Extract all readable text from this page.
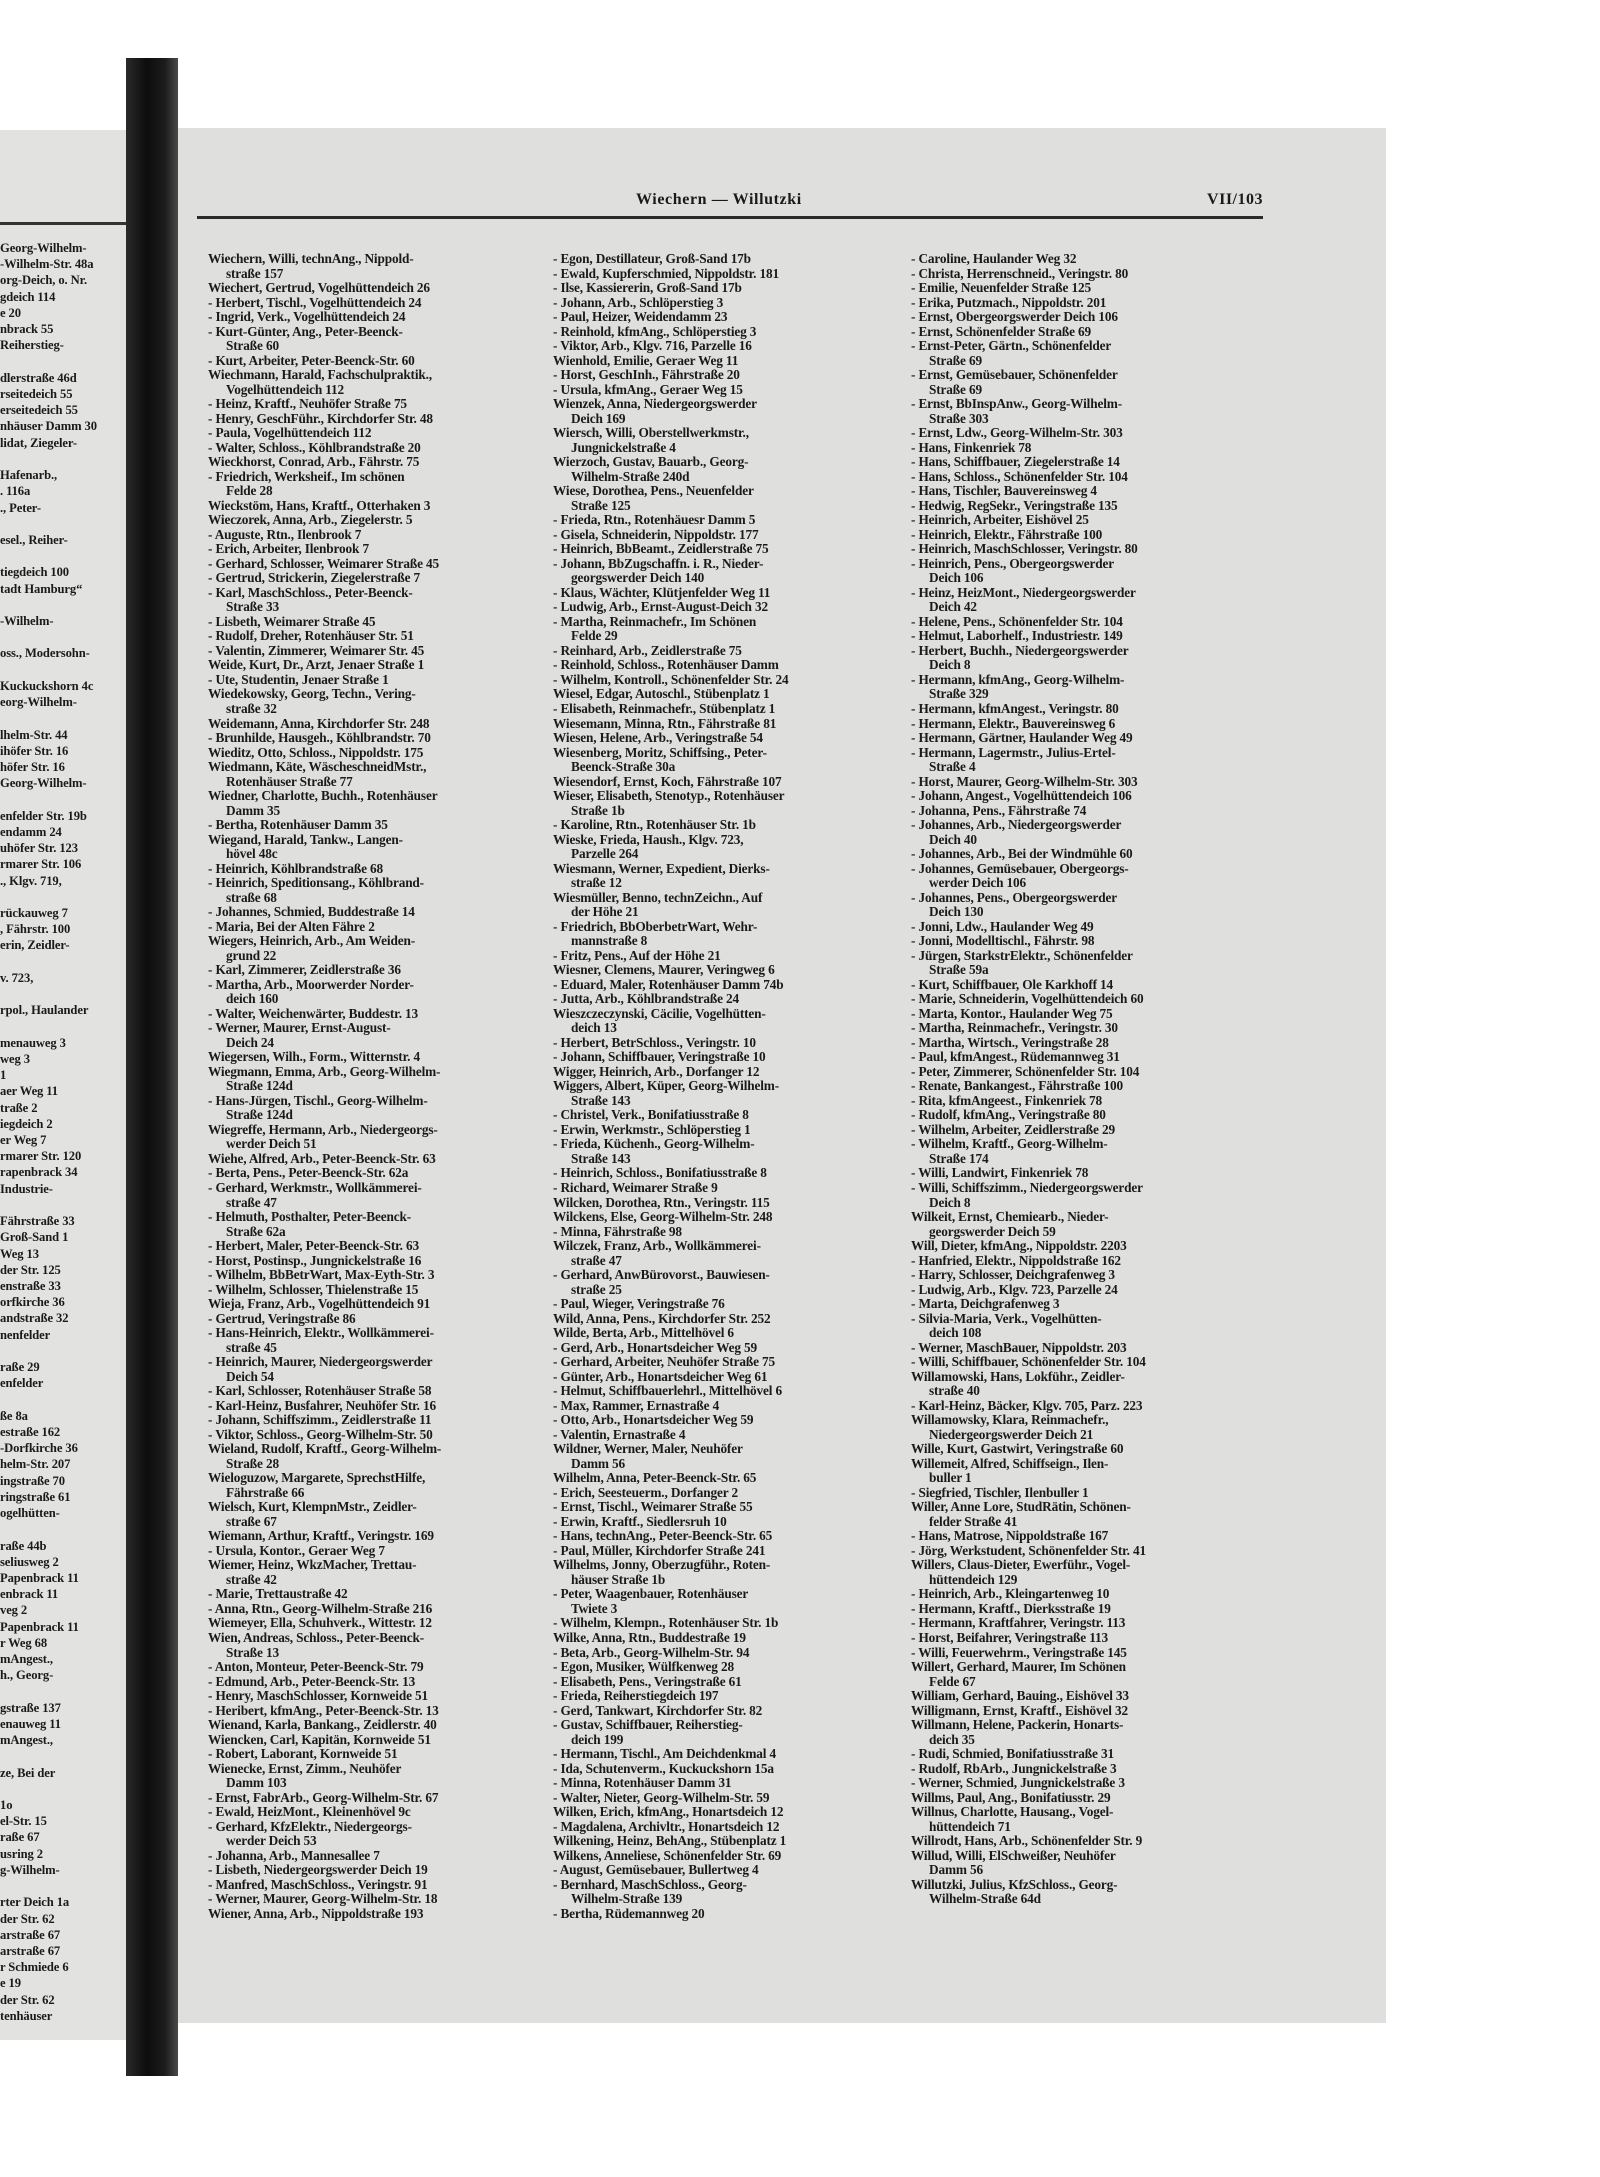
Georg-Wilhelm-
-Wilhelm-Str. 48a
org-Deich, o. Nr.
gdeich 114
e 20
nbrack 55
Reiherstieg-

dlerstraße 46d
rseitedeich 55
erseitedeich 55
nhäuser Damm 30
lidat, Ziegeler-

Hafenarb.,
. 116a
., Peter-

esel., Reiher-

tiegdeich 100
tadt Hamburg“

-Wilhelm-

oss., Modersohn-

Kuckuckshorn 4c
eorg-Wilhelm-

lhelm-Str. 44
ihöfer Str. 16
höfer Str. 16
Georg-Wilhelm-

enfelder Str. 19b
endamm 24
uhöfer Str. 123
rmarer Str. 106
., Klgv. 719,

rückauweg 7
, Fährstr. 100
erin, Zeidler-

v. 723,

rpol., Haulander

menauweg 3
weg 3
1
aer Weg 11
traße 2
iegdeich 2
er Weg 7
rmarer Str. 120
rapenbrack 34
Industrie-

Fährstraße 33
Groß-Sand 1
Weg 13
der Str. 125
enstraße 33
orfkirche 36
andstraße 32
nenfelder

raße 29
enfelder

ße 8a
estraße 162
-Dorfkirche 36
helm-Str. 207
ingstraße 70
ringstraße 61
ogelhütten-

raße 44b
seliusweg 2
Papenbrack 11
enbrack 11
veg 2
Papenbrack 11
r Weg 68
mAngest.,
h., Georg-

gstraße 137
enauweg 11
mAngest.,

ze, Bei der

1o
el-Str. 15
raße 67
usring 2
g-Wilhelm-

rter Deich 1a
der Str. 62
arstraße 67
arstraße 67
r Schmiede 6
e 19
der Str. 62
tenhäuser
Wiechern — Willutzki	VII/103
Wiechern, Willi, technAng., Nippold-
straße 157
Wiechert, Gertrud, Vogelhüttendeich 26
- Herbert, Tischl., Vogelhüttendeich 24
- Ingrid, Verk., Vogelhüttendeich 24
- Kurt-Günter, Ang., Peter-Beenck-
Straße 60
- Kurt, Arbeiter, Peter-Beenck-Str. 60
Wiechmann, Harald, Fachschulpraktik.,
Vogelhüttendeich 112
- Heinz, Kraftf., Neuhöfer Straße 75
- Henry, GeschFühr., Kirchdorfer Str. 48
- Paula, Vogelhüttendeich 112
- Walter, Schloss., Köhlbrandstraße 20
Wieckhorst, Conrad, Arb., Fährstr. 75
- Friedrich, Werksheif., Im schönen
Felde 28
Wieckstöm, Hans, Kraftf., Otterhaken 3
Wieczorek, Anna, Arb., Ziegelerstr. 5
- Auguste, Rtn., Ilenbrook 7
- Erich, Arbeiter, Ilenbrook 7
- Gerhard, Schlosser, Weimarer Straße 45
- Gertrud, Strickerin, Ziegelerstraße 7
- Karl, MaschSchloss., Peter-Beenck-
Straße 33
- Lisbeth, Weimarer Straße 45
- Rudolf, Dreher, Rotenhäuser Str. 51
- Valentin, Zimmerer, Weimarer Str. 45
Weide, Kurt, Dr., Arzt, Jenaer Straße 1
- Ute, Studentin, Jenaer Straße 1
Wiedekowsky, Georg, Techn., Vering-
straße 32
Weidemann, Anna, Kirchdorfer Str. 248
- Brunhilde, Hausgeh., Köhlbrandstr. 70
Wieditz, Otto, Schloss., Nippoldstr. 175
Wiedmann, Käte, WäscheschneidMstr.,
Rotenhäuser Straße 77
Wiedner, Charlotte, Buchh., Rotenhäuser
Damm 35
- Bertha, Rotenhäuser Damm 35
Wiegand, Harald, Tankw., Langen-
hövel 48c
- Heinrich, Köhlbrandstraße 68
- Heinrich, Speditionsang., Köhlbrand-
straße 68
- Johannes, Schmied, Buddestraße 14
- Maria, Bei der Alten Fähre 2
Wiegers, Heinrich, Arb., Am Weiden-
grund 22
- Karl, Zimmerer, Zeidlerstraße 36
- Martha, Arb., Moorwerder Norder-
deich 160
- Walter, Weichenwärter, Buddestr. 13
- Werner, Maurer, Ernst-August-
Deich 24
Wiegersen, Wilh., Form., Witternstr. 4
Wiegmann, Emma, Arb., Georg-Wilhelm-
Straße 124d
- Hans-Jürgen, Tischl., Georg-Wilhelm-
Straße 124d
Wiegreffe, Hermann, Arb., Niedergeorgs-
werder Deich 51
Wiehe, Alfred, Arb., Peter-Beenck-Str. 63
- Berta, Pens., Peter-Beenck-Str. 62a
- Gerhard, Werkmstr., Wollkämmerei-
straße 47
- Helmuth, Posthalter, Peter-Beenck-
Straße 62a
- Herbert, Maler, Peter-Beenck-Str. 63
- Horst, Postinsp., Jungnickelstraße 16
- Wilhelm, BbBetrWart, Max-Eyth-Str. 3
- Wilhelm, Schlosser, Thielenstraße 15
Wieja, Franz, Arb., Vogelhüttendeich 91
- Gertrud, Veringstraße 86
- Hans-Heinrich, Elektr., Wollkämmerei-
straße 45
- Heinrich, Maurer, Niedergeorgswerder
Deich 54
- Karl, Schlosser, Rotenhäuser Straße 58
- Karl-Heinz, Busfahrer, Neuhöfer Str. 16
- Johann, Schiffszimm., Zeidlerstraße 11
- Viktor, Schloss., Georg-Wilhelm-Str. 50
Wieland, Rudolf, Kraftf., Georg-Wilhelm-
Straße 28
Wieloguzow, Margarete, SprechstHilfe,
Fährstraße 66
Wielsch, Kurt, KlempnMstr., Zeidler-
straße 67
Wiemann, Arthur, Kraftf., Veringstr. 169
- Ursula, Kontor., Geraer Weg 7
Wiemer, Heinz, WkzMacher, Trettau-
straße 42
- Marie, Trettaustraße 42
- Anna, Rtn., Georg-Wilhelm-Straße 216
Wiemeyer, Ella, Schuhverk., Wittestr. 12
Wien, Andreas, Schloss., Peter-Beenck-
Straße 13
- Anton, Monteur, Peter-Beenck-Str. 79
- Edmund, Arb., Peter-Beenck-Str. 13
- Henry, MaschSchlosser, Kornweide 51
- Heribert, kfmAng., Peter-Beenck-Str. 13
Wienand, Karla, Bankang., Zeidlerstr. 40
Wiencken, Carl, Kapitän, Kornweide 51
- Robert, Laborant, Kornweide 51
Wienecke, Ernst, Zimm., Neuhöfer
Damm 103
- Ernst, FabrArb., Georg-Wilhelm-Str. 67
- Ewald, HeizMont., Kleinenhövel 9c
- Gerhard, KfzElektr., Niedergeorgs-
werder Deich 53
- Johanna, Arb., Mannesallee 7
- Lisbeth, Niedergeorgswerder Deich 19
- Manfred, MaschSchloss., Veringstr. 91
- Werner, Maurer, Georg-Wilhelm-Str. 18
Wiener, Anna, Arb., Nippoldstraße 193
- Egon, Destillateur, Groß-Sand 17b
- Ewald, Kupferschmied, Nippoldstr. 181
- Ilse, Kassiererin, Groß-Sand 17b
- Johann, Arb., Schlöperstieg 3
- Paul, Heizer, Weidendamm 23
- Reinhold, kfmAng., Schlöperstieg 3
- Viktor, Arb., Klgv. 716, Parzelle 16
Wienhold, Emilie, Geraer Weg 11
- Horst, GeschInh., Fährstraße 20
- Ursula, kfmAng., Geraer Weg 15
Wienzek, Anna, Niedergeorgswerder
Deich 169
Wiersch, Willi, Oberstellwerkmstr.,
Jungnickelstraße 4
Wierzoch, Gustav, Bauarb., Georg-
Wilhelm-Straße 240d
Wiese, Dorothea, Pens., Neuenfelder
Straße 125
- Frieda, Rtn., Rotenhäuesr Damm 5
- Gisela, Schneiderin, Nippoldstr. 177
- Heinrich, BbBeamt., Zeidlerstraße 75
- Johann, BbZugschaffn. i. R., Nieder-
georgswerder Deich 140
- Klaus, Wächter, Klütjenfelder Weg 11
- Ludwig, Arb., Ernst-August-Deich 32
- Martha, Reinmachefr., Im Schönen
Felde 29
- Reinhard, Arb., Zeidlerstraße 75
- Reinhold, Schloss., Rotenhäuser Damm
- Wilhelm, Kontroll., Schönenfelder Str. 24
Wiesel, Edgar, Autoschl., Stübenplatz 1
- Elisabeth, Reinmachefr., Stübenplatz 1
Wiesemann, Minna, Rtn., Fährstraße 81
Wiesen, Helene, Arb., Veringstraße 54
Wiesenberg, Moritz, Schiffsing., Peter-
Beenck-Straße 30a
Wiesendorf, Ernst, Koch, Fährstraße 107
Wieser, Elisabeth, Stenotyp., Rotenhäuser
Straße 1b
- Karoline, Rtn., Rotenhäuser Str. 1b
Wieske, Frieda, Haush., Klgv. 723,
Parzelle 264
Wiesmann, Werner, Expedient, Dierks-
straße 12
Wiesmüller, Benno, technZeichn., Auf
der Höhe 21
- Friedrich, BbOberbetrWart, Wehr-
mannstraße 8
- Fritz, Pens., Auf der Höhe 21
Wiesner, Clemens, Maurer, Veringweg 6
- Eduard, Maler, Rotenhäuser Damm 74b
- Jutta, Arb., Köhlbrandstraße 24
Wieszczeczynski, Cäcilie, Vogelhütten-
deich 13
- Herbert, BetrSchloss., Veringstr. 10
- Johann, Schiffbauer, Veringstraße 10
Wigger, Heinrich, Arb., Dorfanger 12
Wiggers, Albert, Küper, Georg-Wilhelm-
Straße 143
- Christel, Verk., Bonifatiusstraße 8
- Erwin, Werkmstr., Schlöperstieg 1
- Frieda, Küchenh., Georg-Wilhelm-
Straße 143
- Heinrich, Schloss., Bonifatiusstraße 8
- Richard, Weimarer Straße 9
Wilcken, Dorothea, Rtn., Veringstr. 115
Wilckens, Else, Georg-Wilhelm-Str. 248
- Minna, Fährstraße 98
Wilczek, Franz, Arb., Wollkämmerei-
straße 47
- Gerhard, AnwBürovorst., Bauwiesen-
straße 25
- Paul, Wieger, Veringstraße 76
Wild, Anna, Pens., Kirchdorfer Str. 252
Wilde, Berta, Arb., Mittelhövel 6
- Gerd, Arb., Honartsdeicher Weg 59
- Gerhard, Arbeiter, Neuhöfer Straße 75
- Günter, Arb., Honartsdeicher Weg 61
- Helmut, Schiffbauerlehrl., Mittelhövel 6
- Max, Rammer, Ernastraße 4
- Otto, Arb., Honartsdeicher Weg 59
- Valentin, Ernastraße 4
Wildner, Werner, Maler, Neuhöfer
Damm 56
Wilhelm, Anna, Peter-Beenck-Str. 65
- Erich, Seesteuerm., Dorfanger 2
- Ernst, Tischl., Weimarer Straße 55
- Erwin, Kraftf., Siedlersruh 10
- Hans, technAng., Peter-Beenck-Str. 65
- Paul, Müller, Kirchdorfer Straße 241
Wilhelms, Jonny, Oberzugführ., Roten-
häuser Straße 1b
- Peter, Waagenbauer, Rotenhäuser
Twiete 3
- Wilhelm, Klempn., Rotenhäuser Str. 1b
Wilke, Anna, Rtn., Buddestraße 19
- Beta, Arb., Georg-Wilhelm-Str. 94
- Egon, Musiker, Wülfkenweg 28
- Elisabeth, Pens., Veringstraße 61
- Frieda, Reiherstiegdeich 197
- Gerd, Tankwart, Kirchdorfer Str. 82
- Gustav, Schiffbauer, Reiherstieg-
deich 199
- Hermann, Tischl., Am Deichdenkmal 4
- Ida, Schutenverm., Kuckuckshorn 15a
- Minna, Rotenhäuser Damm 31
- Walter, Nieter, Georg-Wilhelm-Str. 59
Wilken, Erich, kfmAng., Honartsdeich 12
- Magdalena, Archivltr., Honartsdeich 12
Wilkening, Heinz, BehAng., Stübenplatz 1
Wilkens, Anneliese, Schönenfelder Str. 69
- August, Gemüsebauer, Bullertweg 4
- Bernhard, MaschSchloss., Georg-
Wilhelm-Straße 139
- Bertha, Rüdemannweg 20
- Caroline, Haulander Weg 32
- Christa, Herrenschneid., Veringstr. 80
- Emilie, Neuenfelder Straße 125
- Erika, Putzmach., Nippoldstr. 201
- Ernst, Obergeorgswerder Deich 106
- Ernst, Schönenfelder Straße 69
- Ernst-Peter, Gärtn., Schönenfelder
Straße 69
- Ernst, Gemüsebauer, Schönenfelder
Straße 69
- Ernst, BbInspAnw., Georg-Wilhelm-
Straße 303
- Ernst, Ldw., Georg-Wilhelm-Str. 303
- Hans, Finkenriek 78
- Hans, Schiffbauer, Ziegelerstraße 14
- Hans, Schloss., Schönenfelder Str. 104
- Hans, Tischler, Bauvereinsweg 4
- Hedwig, RegSekr., Veringstraße 135
- Heinrich, Arbeiter, Eishövel 25
- Heinrich, Elektr., Fährstraße 100
- Heinrich, MaschSchlosser, Veringstr. 80
- Heinrich, Pens., Obergeorgswerder
Deich 106
- Heinz, HeizMont., Niedergeorgswerder
Deich 42
- Helene, Pens., Schönenfelder Str. 104
- Helmut, Laborhelf., Industriestr. 149
- Herbert, Buchh., Niedergeorgswerder
Deich 8
- Hermann, kfmAng., Georg-Wilhelm-
Straße 329
- Hermann, kfmAngest., Veringstr. 80
- Hermann, Elektr., Bauvereinsweg 6
- Hermann, Gärtner, Haulander Weg 49
- Hermann, Lagermstr., Julius-Ertel-
Straße 4
- Horst, Maurer, Georg-Wilhelm-Str. 303
- Johann, Angest., Vogelhüttendeich 106
- Johanna, Pens., Fährstraße 74
- Johannes, Arb., Niedergeorgswerder
Deich 40
- Johannes, Arb., Bei der Windmühle 60
- Johannes, Gemüsebauer, Obergeorgs-
werder Deich 106
- Johannes, Pens., Obergeorgswerder
Deich 130
- Jonni, Ldw., Haulander Weg 49
- Jonni, Modelltischl., Fährstr. 98
- Jürgen, StarkstrElektr., Schönenfelder
Straße 59a
- Kurt, Schiffbauer, Ole Karkhoff 14
- Marie, Schneiderin, Vogelhüttendeich 60
- Marta, Kontor., Haulander Weg 75
- Martha, Reinmachefr., Veringstr. 30
- Martha, Wirtsch., Veringstraße 28
- Paul, kfmAngest., Rüdemannweg 31
- Peter, Zimmerer, Schönenfelder Str. 104
- Renate, Bankangest., Fährstraße 100
- Rita, kfmAngeest., Finkenriek 78
- Rudolf, kfmAng., Veringstraße 80
- Wilhelm, Arbeiter, Zeidlerstraße 29
- Wilhelm, Kraftf., Georg-Wilhelm-
Straße 174
- Willi, Landwirt, Finkenriek 78
- Willi, Schiffszimm., Niedergeorgswerder
Deich 8
Wilkeit, Ernst, Chemiearb., Nieder-
georgswerder Deich 59
Will, Dieter, kfmAng., Nippoldstr. 2203
- Hanfried, Elektr., Nippoldstraße 162
- Harry, Schlosser, Deichgrafenweg 3
- Ludwig, Arb., Klgv. 723, Parzelle 24
- Marta, Deichgrafenweg 3
- Silvia-Maria, Verk., Vogelhütten-
deich 108
- Werner, MaschBauer, Nippoldstr. 203
- Willi, Schiffbauer, Schönenfelder Str. 104
Willamowski, Hans, Lokführ., Zeidler-
straße 40
- Karl-Heinz, Bäcker, Klgv. 705, Parz. 223
Willamowsky, Klara, Reinmachefr.,
Niedergeorgswerder Deich 21
Wille, Kurt, Gastwirt, Veringstraße 60
Willemeit, Alfred, Schiffseign., Ilen-
buller 1
- Siegfried, Tischler, Ilenbuller 1
Willer, Anne Lore, StudRätin, Schönen-
felder Straße 41
- Hans, Matrose, Nippoldstraße 167
- Jörg, Werkstudent, Schönenfelder Str. 41
Willers, Claus-Dieter, Ewerführ., Vogel-
hüttendeich 129
- Heinrich, Arb., Kleingartenweg 10
- Hermann, Kraftf., Dierksstraße 19
- Hermann, Kraftfahrer, Veringstr. 113
- Horst, Beifahrer, Veringstraße 113
- Willi, Feuerwehrm., Veringstraße 145
Willert, Gerhard, Maurer, Im Schönen
Felde 67
William, Gerhard, Bauing., Eishövel 33
Willigmann, Ernst, Kraftf., Eishövel 32
Willmann, Helene, Packerin, Honarts-
deich 35
- Rudi, Schmied, Bonifatiusstraße 31
- Rudolf, RbArb., Jungnickelstraße 3
- Werner, Schmied, Jungnickelstraße 3
Willms, Paul, Ang., Bonifatiusstr. 29
Willnus, Charlotte, Hausang., Vogel-
hüttendeich 71
Willrodt, Hans, Arb., Schönenfelder Str. 9
Willud, Willi, ElSchweißer, Neuhöfer
Damm 56
Willutzki, Julius, KfzSchloss., Georg-
Wilhelm-Straße 64d
